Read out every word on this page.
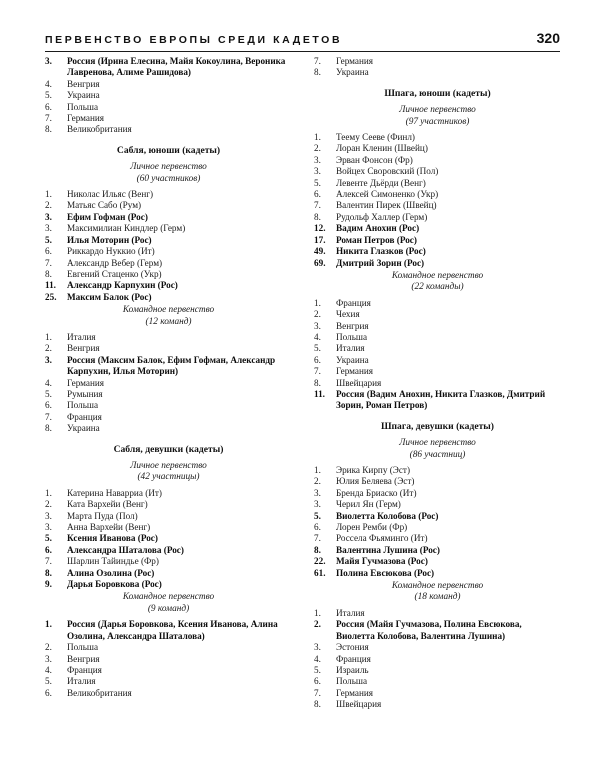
ПЕРВЕНСТВО ЕВРОПЫ СРЕДИ КАДЕТОВ	320
3.	Россия (Ирина Елесина, Майя Кокоулина, Вероника Лавренова, Алиме Рашидова)
4.	Венгрия
5.	Украина
6.	Польша
7.	Германия
8.	Великобритания
Сабля, юноши (кадеты)
Личное первенство
(60 участников)
1.	Николас Ильяс (Венг)
2.	Матьяс Сабо (Рум)
3.	Ефим Гофман (Рос)
3.	Максимилиан Киндлер (Герм)
5.	Илья Моторин (Рос)
6.	Риккардо Нуккио (Ит)
7.	Александр Вебер (Герм)
8.	Евгений Стаценко (Укр)
11.	Александр Карпухин (Рос)
25.	Максим Балок (Рос)
Командное первенство
(12 команд)
1.	Италия
2.	Венгрия
3.	Россия (Максим Балок, Ефим Гофман, Александр Карпухин, Илья Моторин)
4.	Германия
5.	Румыния
6.	Польша
7.	Франция
8.	Украина
Сабля, девушки (кадеты)
Личное первенство
(42 участницы)
1.	Катерина Наварриа (Ит)
2.	Ката Вархейи (Венг)
3.	Марта Пуда (Пол)
3.	Анна Вархейи (Венг)
5.	Ксения Иванова (Рос)
6.	Александра Шаталова (Рос)
7.	Шарлин Тайиндье (Фр)
8.	Алина Озолина (Рос)
9.	Дарья Боровкова (Рос)
Командное первенство
(9 команд)
1.	Россия (Дарья Боровкова, Ксения Иванова, Алина Озолина, Александра Шаталова)
2.	Польша
3.	Венгрия
4.	Франция
5.	Италия
6.	Великобритания
7.	Германия
8.	Украина
Шпага, юноши (кадеты)
Личное первенство
(97 участников)
1.	Теему Сееве (Финл)
2.	Лоран Кленин (Швейц)
3.	Эрван Фонсон (Фр)
3.	Войцех Своровский (Пол)
5.	Левенте Дьёрди (Венг)
6.	Алексей Симоненко (Укр)
7.	Валентин Пирек (Швейц)
8.	Рудольф Халлер (Герм)
12.	Вадим Анохин (Рос)
17.	Роман Петров (Рос)
49.	Никита Глазков (Рос)
69.	Дмитрий Зорин (Рос)
Командное первенство
(22 команды)
1.	Франция
2.	Чехия
3.	Венгрия
4.	Польша
5.	Италия
6.	Украина
7.	Германия
8.	Швейцария
11.	Россия (Вадим Анохин, Никита Глазков, Дмитрий Зорин, Роман Петров)
Шпага, девушки (кадеты)
Личное первенство
(86 участниц)
1.	Эрика Кирпу (Эст)
2.	Юлия Беляева (Эст)
3.	Бренда Бриаско (Ит)
3.	Черил Ян (Герм)
5.	Виолетта Колобова (Рос)
6.	Лорен Ремби (Фр)
7.	Россела Фьяминго (Ит)
8.	Валентина Лушина (Рос)
22.	Майя Гучмазова (Рос)
61.	Полина Евсюкова (Рос)
Командное первенство
(18 команд)
1.	Италия
2.	Россия (Майя Гучмазова, Полина Евсюкова, Виолетта Колобова, Валентина Лушина)
3.	Эстония
4.	Франция
5.	Израиль
6.	Польша
7.	Германия
8.	Швейцария
